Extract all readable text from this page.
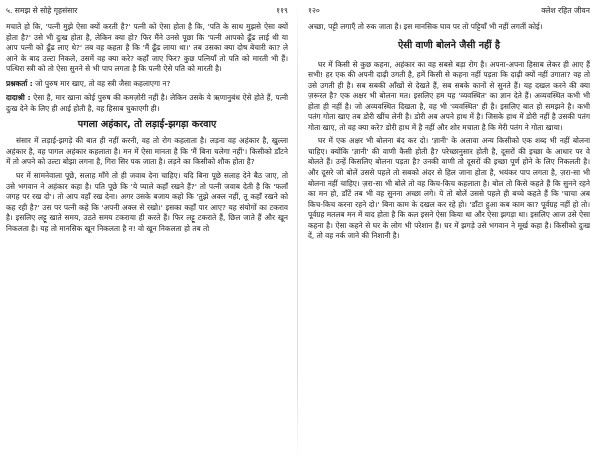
५. समझ से सोहे गृहसंसार	११९

मचाते हो कि, 'पत्नी मुझे ऐसा क्यों करती है?' पत्नी को ऐसा होता है कि, 'पति के साथ मुझसे ऐसा क्यों होता है?' उसे भी दुःख होता है, लेकिन क्या हो? फिर मैंने उनसे पूछा कि 'पत्नी आपको ढूँढ लाई थी या आप पत्नी को ढूँढ लाए थे?' तब वह कहता है कि 'मैं ढूँढ लाया था।' तब उसका क्या दोष बेचारी का? ले आने के बाद उल्टा निकले, उसमें वह क्या करे? कहाँ जाए फिर? कुछ पत्नियाँ तो पति को मारती भी हैं। पत्थिरा स्त्री को तो ऐसा सुनने से भी पाप लगता है कि पत्नी ऐसे पति को मारती है।

प्रश्नकर्ता : जो पुरुष मार खाए, तो वह स्त्री जैसा कहलाएगा न?

दादाश्री : ऐसा है, मार खाना कोई पुरुष की कमज़ोरी नहीं है। लेकिन उसके ये ऋणानुबंध ऐसे होते हैं, पत्नी दुःख देने के लिए ही आई होती है, वह हिसाब चुकाएगी ही।

पगला अहंकार, तो लड़ाई-झगड़ा करवाए

संसार में लड़ाई-झगड़े की बात ही नहीं करनी, वह तो रोग कहलाता है। लड़ना वह अहंकार है, खुल्ला अहंकार है, वह पागल अहंकार कहलाता है। मन में ऐसा मानता है कि 'मैं बिना चलेगा नहीं'। किसीको डाँटने में तो अपने को उल्टा बोझा लगना है, गिरा सिर पक जाता है। लड़ने का किसीको शौक होता है?

घर में सामनेवाला पूछे, सलाह माँगे तो ही जवाब देना चाहिए। यदि बिना पूछे सलाह देने बैठ जाए, तो उसे भगवान ने अहंकार कहा है। पति पूछे कि 'ये प्याले कहाँ रखने हैं?' तो पत्नी जवाब देती है कि 'फलाँ जगह पर रख दो'। तो आप वहाँ रख देना। अगर उसके बजाय कहो कि 'तुझे अक्ल नहीं, तू कहाँ रखने को कह रही है?' उस पर पत्नी कहे कि 'अपनी अक्ल से रखो।' इसका कहाँ पार आए? यह संयोगों का टकराव है। इसलिए लट्टू खाते समय, उठते समय टकराया ही करते हैं। फिर लट्टू टकराते हैं, छिल जाते हैं और खून निकलता है। यह तो मानसिक खून निकलता है न! वो खून निकलता हो तब तो

१२०	क्लेश रहित जीवन

अच्छा, पट्टी लगाएँ तो रुक जाता है। इस मानसिक घाव पर तो पट्टियाँ भी नहीं लगतीं कोई।

ऐसी वाणी बोलने जैसी नहीं है

घर में किसी से कुछ कहना, अहंकार का वह सबसे बड़ा रोग है। अपना-अपना हिसाब लेकर ही आए हैं सभी! हर एक की अपनी दाढ़ी उगती है, हमें किसी से कहना नहीं पड़ता कि दाढ़ी क्यों नहीं उगाता? वह तो उसे उगती ही है। सब सबकी आँखों से देखते हैं, सब सबके कानों से सुनते हैं। यह दखल करने की क्या ज़रूरत है? एक अक्षर भी बोलना मत। इसलिए हम यह 'व्यवस्थित' का ज्ञान देते हैं। अव्यवस्थित कभी भी होता ही नहीं है। जो अव्यवस्थित दिखता है, वह भी 'व्यवस्थित' ही है। इसलिए बात हो समझने है। कभी पतंग गोता खाए तब डोरी खींच लेनी है। डोरी अब अपने हाथ में है। जिसके हाथ में डोरी नहीं है उसकी पतंग गोता खाए, तो वह क्या करे? डोरी हाथ में है नहीं और शोर मचाता है कि मेरी पतंग ने गोता खाया।

घर में एक अक्षर भी बोलना बंद कर दो। 'ज्ञानी' के अलावा अन्य किसीको एक शब्द भी नहीं बोलना चाहिए। क्योंकि 'ज्ञानी' की वाणी कैसी होती है? परेच्छानुसार होती है, दूसरों की इच्छा के आधार पर वे बोलते हैं। उन्हें किसलिए बोलना पड़ता है? उनकी वाणी तो दूसरों की इच्छा पूर्ण होने के लिए निकलती है। और दूसरे जो बोलें उससे पहले तो सबको अंदर से हिल जाना होता है, भयंकर पाप लगता है, ज़रा-सा भी बोलना नहीं चाहिए। ज़रा-सा भी बोले तो वह किच-किच कहलाता है। बोल तो किसे कहते हैं कि सुनने रहने का मन हो, डाँटें तब भी वह सुनना अच्छा लगे। ये तो बोलें उससे पहले ही बच्चे कहते हैं कि 'चाचा अब किच-किच करना रहने दो।' बिना काम के दखल कर रहे हो। 'डाँटा हुआ कब काम का? पूर्वग्रह नहीं हो तो। पूर्वग्रह मतलब मन में याद होता है कि कल इसने ऐसा किया था और ऐसा झगड़ा था। इसलिए आज उसे ऐसा कहना है। ऐसा कहने से घर के लोग भी परेशान हैं। घर में झगड़े उसे भगवान ने मूर्ख कहा है। किसीको दुःख दें, तो वह नर्क जाने की निशानी है।
